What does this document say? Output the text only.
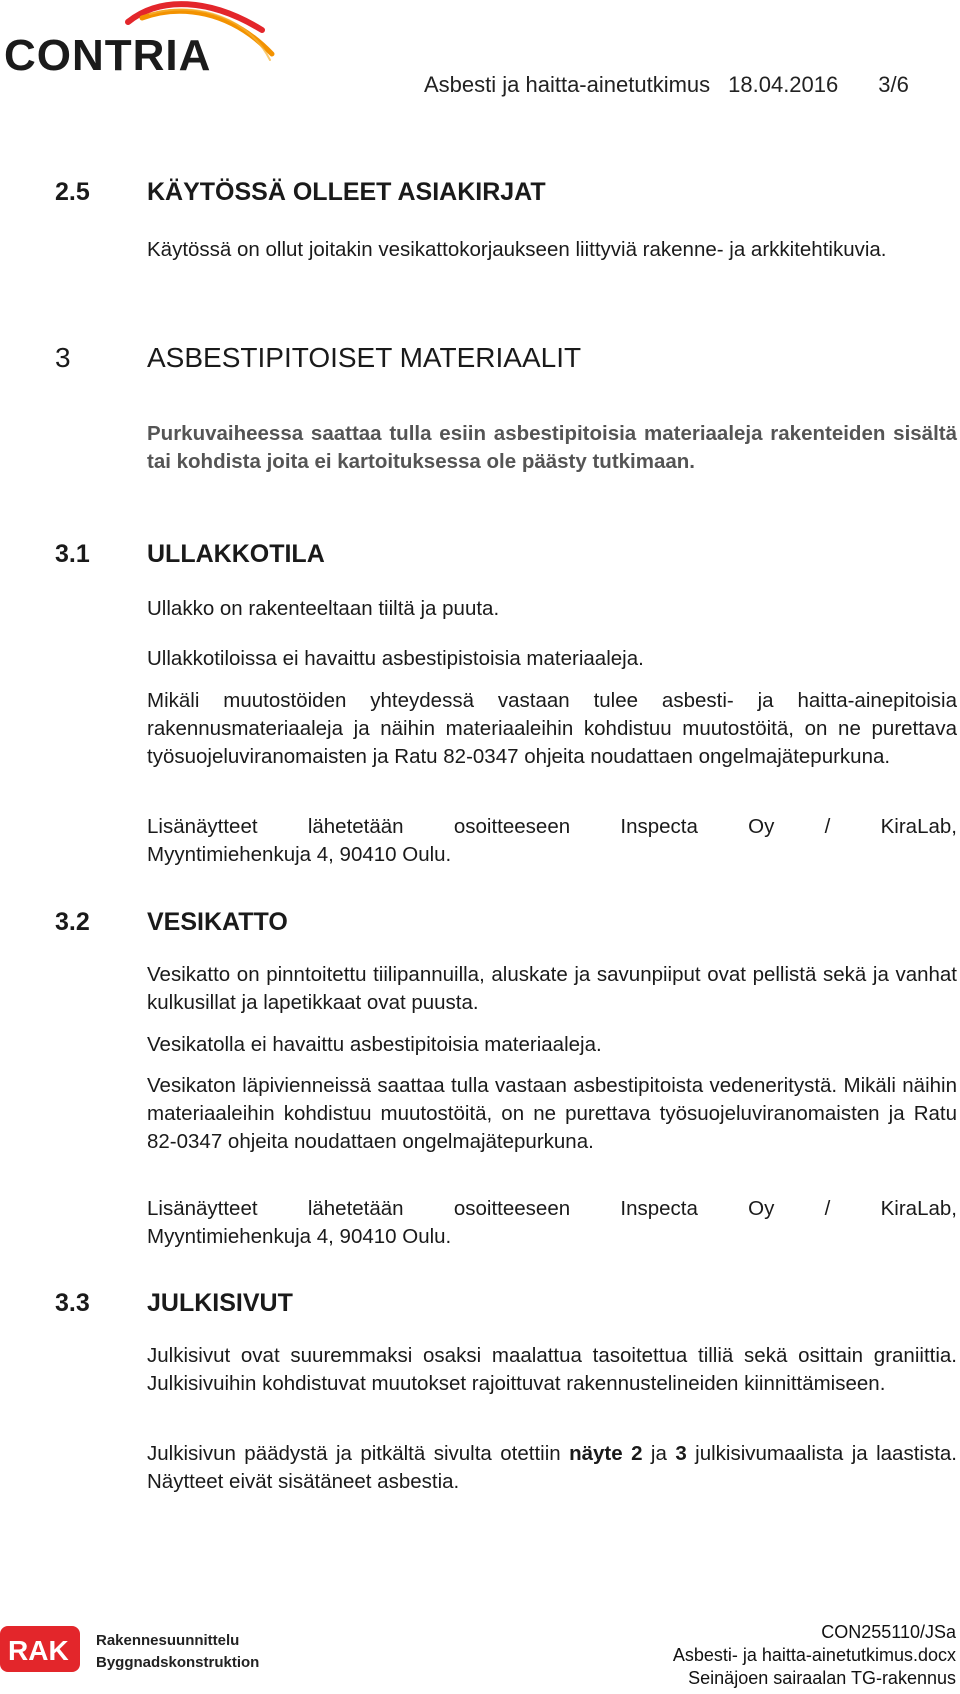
CONTRIA
Asbesti ja haitta-ainetutkimus 18.04.2016 3/6
2.5 KÄYTÖSSÄ OLLEET ASIAKIRJAT
Käytössä on ollut joitakin vesikattokorjaukseen liittyviä rakenne- ja arkkitehtikuvia.
3	ASBESTIPITOISET MATERIAALIT
Purkuvaiheessa saattaa tulla esiin asbestipitoisia materiaaleja rakenteiden sisältä tai kohdista joita ei kartoituksessa ole päästy tutkimaan.
3.1 ULLAKKOTILA
Ullakko on rakenteeltaan tiiltä ja puuta.
Ullakkotiloissa ei havaittu asbestipistoisia materiaaleja.
Mikäli muutostöiden yhteydessä vastaan tulee asbesti- ja haitta-ainepitoisia rakennusmateriaaleja ja näihin materiaaleihin kohdistuu muutostöitä, on ne purettava työsuojeluviranomaisten ja Ratu 82-0347 ohjeita noudattaen ongelmajätepurkuna.
Lisänäytteet lähetetään osoitteeseen Inspecta Oy / KiraLab,
Myyntimiehenkuja 4, 90410 Oulu.
3.2 VESIKATTO
Vesikatto on pinntoitettu tiilipannuilla, aluskate ja savunpiiput ovat pellistä sekä ja vanhat kulkusillat ja lapetikkaat ovat puusta.
Vesikatolla ei havaittu asbestipitoisia materiaaleja.
Vesikaton läpivienneissä saattaa tulla vastaan asbestipitoista vedeneritystä. Mikäli näihin materiaaleihin kohdistuu muutostöitä, on ne purettava työsuojeluviranomaisten ja Ratu 82-0347 ohjeita noudattaen ongelmajätepurkuna.
Lisänäytteet lähetetään osoitteeseen Inspecta Oy / KiraLab,
Myyntimiehenkuja 4, 90410 Oulu.
3.3 JULKISIVUT
Julkisivut ovat suuremmaksi osaksi maalattua tasoitettua tilliä sekä osittain graniittia. Julkisivuihin kohdistuvat muutokset rajoittuvat rakennustelineiden kiinnittämiseen.
Julkisivun päädystä ja pitkältä sivulta otettiin näyte 2 ja 3 julkisivumaalista ja laastista. Näytteet eivät sisätäneet asbestia.
RAK Rakennesuunnittelu
Byggnadskonstruktion
CON255110/JSa
Asbesti- ja haitta-ainetutkimus.docx
Seinäjoen sairaalan TG-rakennus
